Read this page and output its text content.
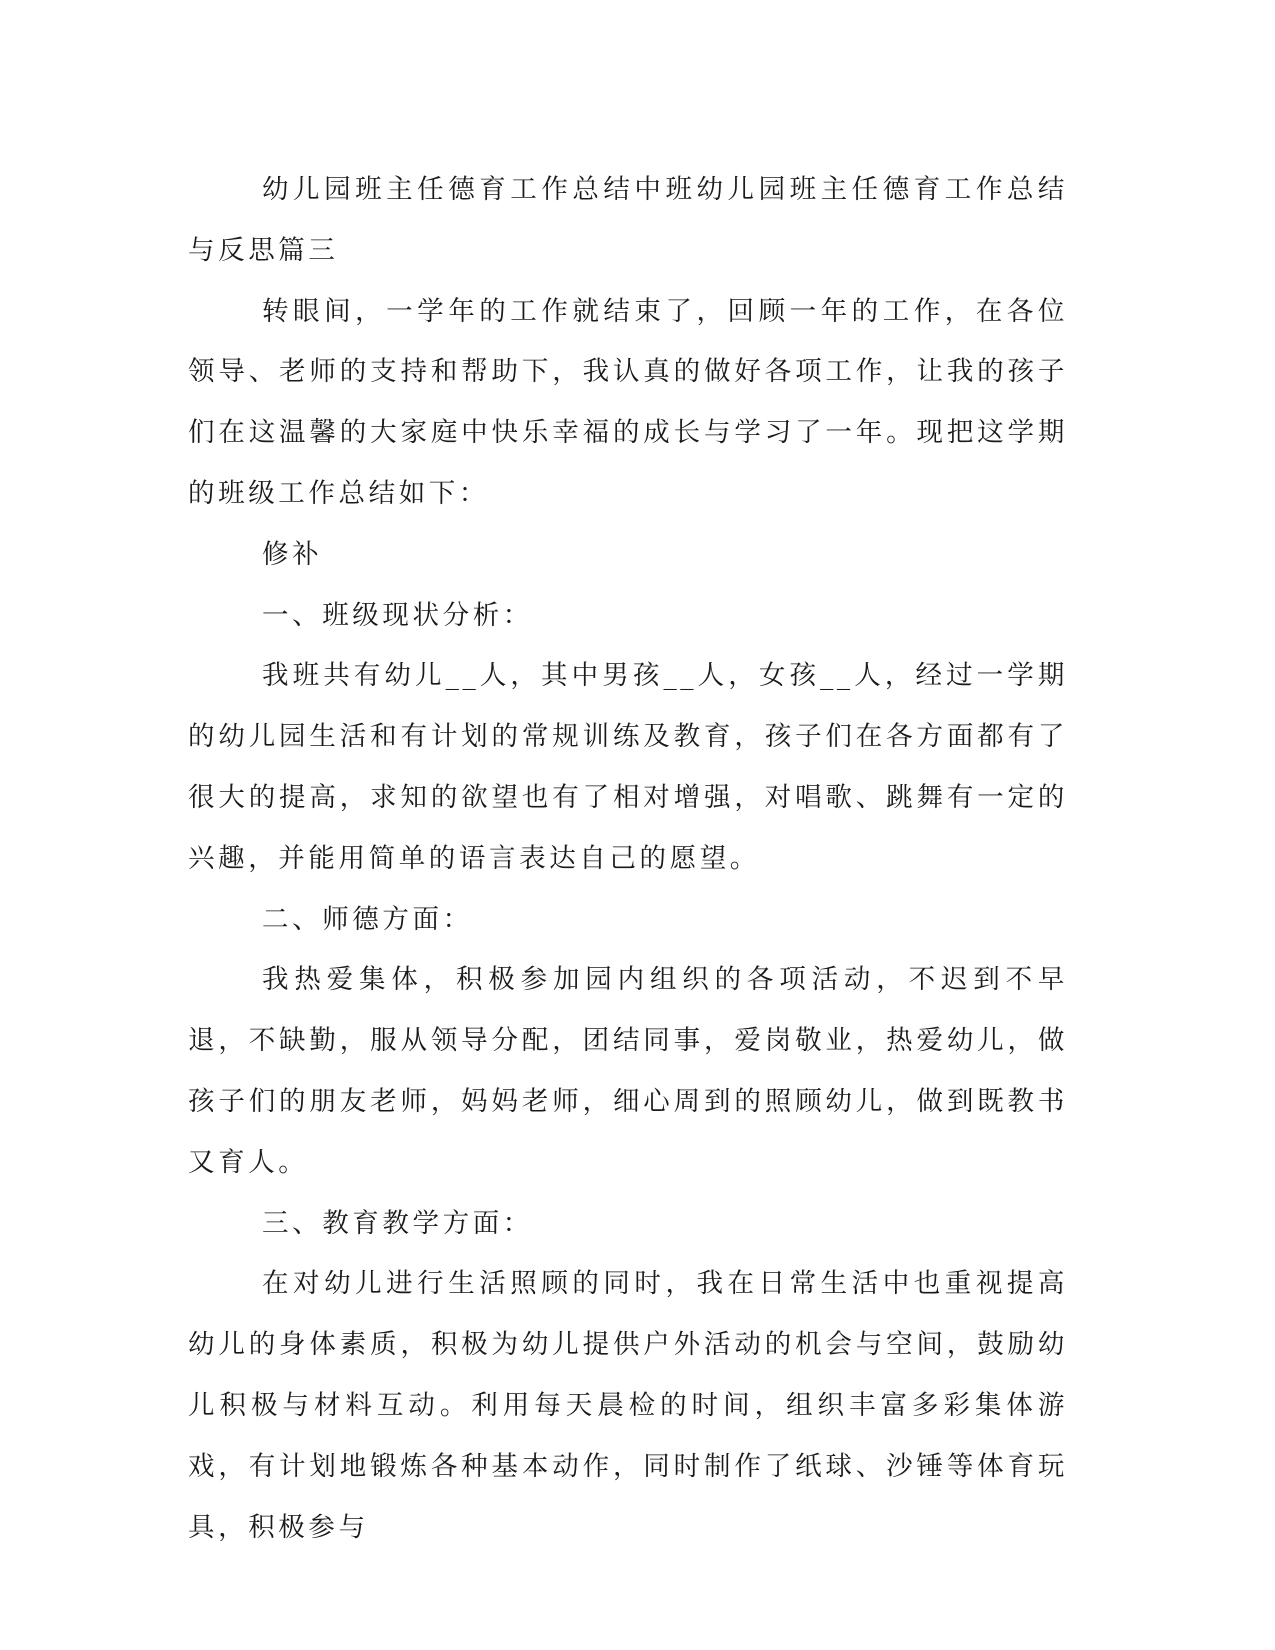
幼儿园班主任德育工作总结中班幼儿园班主任德育工作总结与反思篇三

转眼间，一学年的工作就结束了，回顾一年的工作，在各位领导、老师的支持和帮助下，我认真的做好各项工作，让我的孩子们在这温馨的大家庭中快乐幸福的成长与学习了一年。现把这学期的班级工作总结如下：

修补

一、班级现状分析：

我班共有幼儿__人，其中男孩__人，女孩__人，经过一学期的幼儿园生活和有计划的常规训练及教育，孩子们在各方面都有了很大的提高，求知的欲望也有了相对增强，对唱歌、跳舞有一定的兴趣，并能用简单的语言表达自己的愿望。

二、师德方面：

我热爱集体，积极参加园内组织的各项活动，不迟到不早退，不缺勤，服从领导分配，团结同事，爱岗敬业，热爱幼儿，做孩子们的朋友老师，妈妈老师，细心周到的照顾幼儿，做到既教书又育人。

三、教育教学方面：

在对幼儿进行生活照顾的同时，我在日常生活中也重视提高幼儿的身体素质，积极为幼儿提供户外活动的机会与空间，鼓励幼儿积极与材料互动。利用每天晨检的时间，组织丰富多彩集体游戏，有计划地锻炼各种基本动作，同时制作了纸球、沙锤等体育玩具，积极参与
